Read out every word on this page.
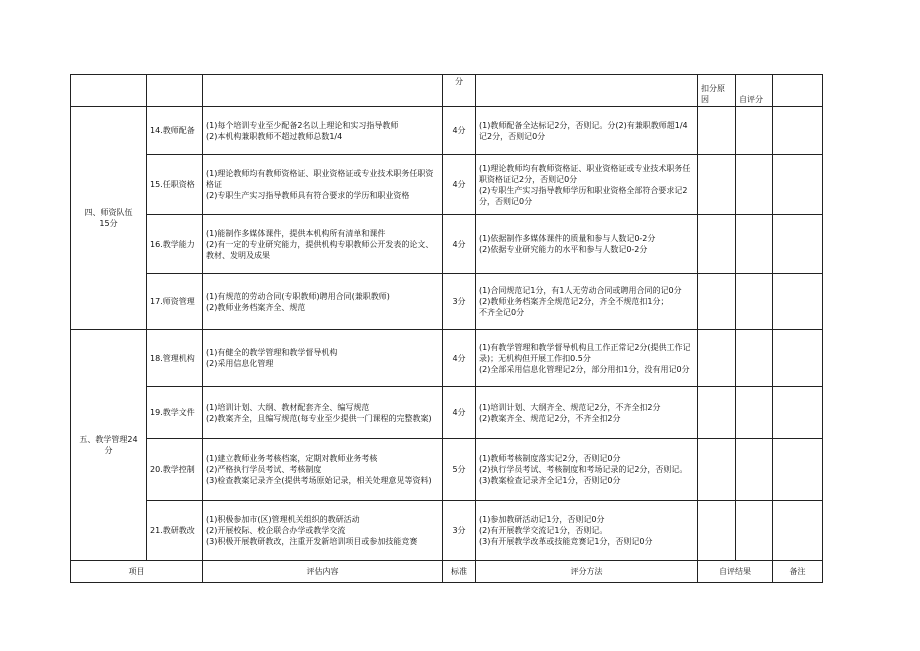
			分		扣分原因	自评分	
四、师资队伍
15分	14.教师配备	(1)每个培训专业至少配备2名以上理论和实习指导教师
(2)本机构兼职教师不超过教师总数1/4	4分	(1)教师配备全达标记2分，否则记。分(2)有兼职教师超1/4记2分，否则记0分			
	15.任职资格	(1)理论教师均有教师资格证、职业资格证或专业技术职务任职资格证
(2)专职生产实习指导教师具有符合要求的学历和职业资格	4分	(1)理论教师均有教师资格证、职业资格证或专业技术职务任职资格证记2分，否则记0分
(2)专职生产实习指导教师学历和职业资格全部符合要求记2分，否则记0分			
	16.教学能力	(1)能制作多媒体课件，提供本机构所有清单和课件
(2)有一定的专业研究能力，提供机构专职教师公开发表的论文、教材、发明及成果	4分	(1)依据制作多媒体课件的质量和参与人数记0-2分
(2)依据专业研究能力的水平和参与人数记0-2分			
	17.师资管理	(1)有规范的劳动合同(专职教师)聘用合同(兼职教师)
(2)教师业务档案齐全、规范	3分	(1)合同规范记1分，有1人无劳动合同或聘用合同的记0分
(2)教师业务档案齐全规范记2分，齐全不规范扣1分；
不齐全记0分			
五、教学管理24
分	18.管理机构	(1)有健全的教学管理和教学督导机构
(2)采用信息化管理	4分	(1)有教学管理和教学督导机构且工作正常记2分(提供工作记录)；无机构但开展工作扣0.5分
(2)全部采用信息化管理记2分，部分用扣1分，没有用记0分			
	19.教学文件	(1)培训计划、大纲、教材配套齐全、编写规范
(2)教案齐全，且编写规范(每专业至少提供一门课程的完整教案)	4分	(1)培训计划、大纲齐全、规范记2分，不齐全扣2分
(2)教案齐全、规范记2分，不齐全扣2分			
	20.教学控制	(1)建立教师业务考核档案，定期对教师业务考核
(2)严格执行学员考试、考核制度
(3)检查教案记录齐全(提供考场原始记录，相关处理意见等资料)	5分	(1)教师考核制度落实记2分，否则记0分
(2)执行学员考试、考核制度和考场记录的记2分，否则记。
(3)教案检查记录齐全记1分，否则记0分			
	21.教研教改	(1)积极参加市(区)管理机关组织的教研活动
(2)开展校际、校企联合办学或教学交流
(3)积极开展教研教改，注重开发新培训项目或参加技能竞赛	3分	(1)参加教研活动记1分，否则记0分
(2)有开展教学交流记1分，否则记。
(3)有开展教学改革或技能竞赛记1分，否则记0分			
项目		评估内容	标准	评分方法	自评结果		备注
